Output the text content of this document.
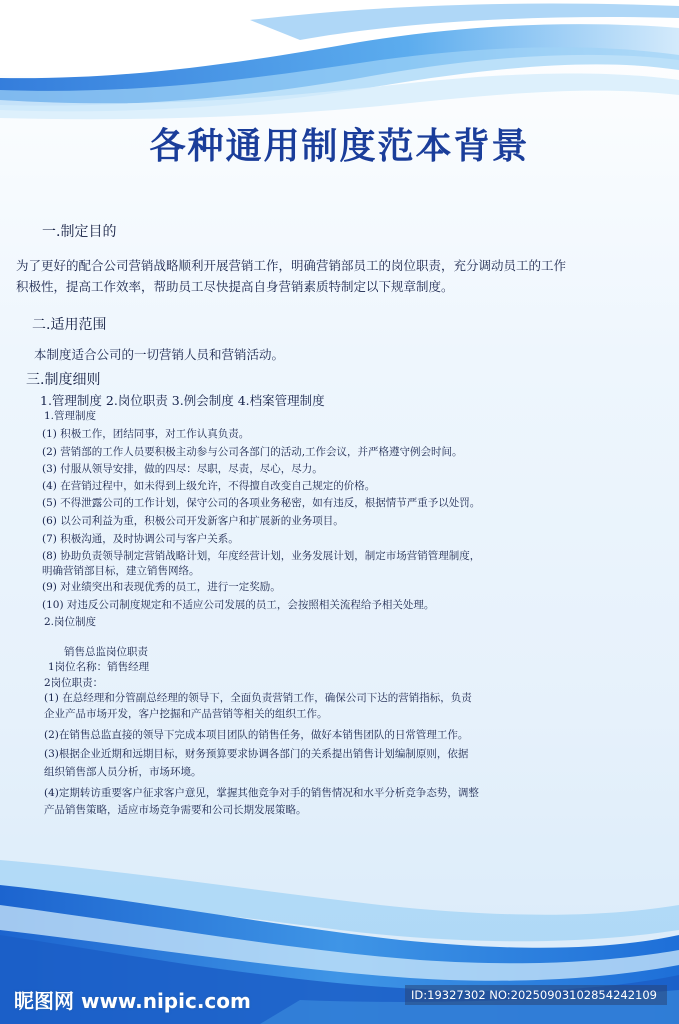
各种通用制度范本背景
一.制定目的
为了更好的配合公司营销战略顺利开展营销工作，明确营销部员工的岗位职责，充分调动员工的工作
积极性，提高工作效率，帮助员工尽快提高自身营销素质特制定以下规章制度。
二.适用范围
本制度适合公司的一切营销人员和营销活动。
三.制度细则
1.管理制度 2.岗位职责 3.例会制度 4.档案管理制度
1.管理制度
(1) 积极工作，团结同事，对工作认真负责。
(2) 营销部的工作人员要积极主动参与公司各部门的活动,工作会议，并严格遵守例会时间。
(3) 付服从领导安排，做的四尽：尽职，尽责，尽心，尽力。
(4) 在营销过程中，如未得到上级允许，不得擅自改变自己规定的价格。
(5) 不得泄露公司的工作计划，保守公司的各项业务秘密，如有违反，根据情节严重予以处罚。
(6) 以公司利益为重，积极公司开发新客户和扩展新的业务项目。
(7) 积极沟通，及时协调公司与客户关系。
(8) 协助负责领导制定营销战略计划，年度经营计划，业务发展计划，制定市场营销管理制度，
明确营销部目标，建立销售网络。
(9) 对业绩突出和表现优秀的员工，进行一定奖励。
(10) 对违反公司制度规定和不适应公司发展的员工，会按照相关流程给予相关处理。
2.岗位制度
销售总监岗位职责
1岗位名称：销售经理
2岗位职责：
(1) 在总经理和分管副总经理的领导下，全面负责营销工作，确保公司下达的营销指标，负责
企业产品市场开发，客户挖掘和产品营销等相关的组织工作。
(2)在销售总监直接的领导下完成本项目团队的销售任务，做好本销售团队的日常管理工作。
(3)根据企业近期和远期目标，财务预算要求协调各部门的关系提出销售计划编制原则，依据
组织销售部人员分析，市场环境。
(4)定期转访重要客户征求客户意见，掌握其他竞争对手的销售情况和水平分析竞争态势，调整
产品销售策略，适应市场竞争需要和公司长期发展策略。
昵图网 www.nipic.com	ID:19327302 NO:20250903102854242109
